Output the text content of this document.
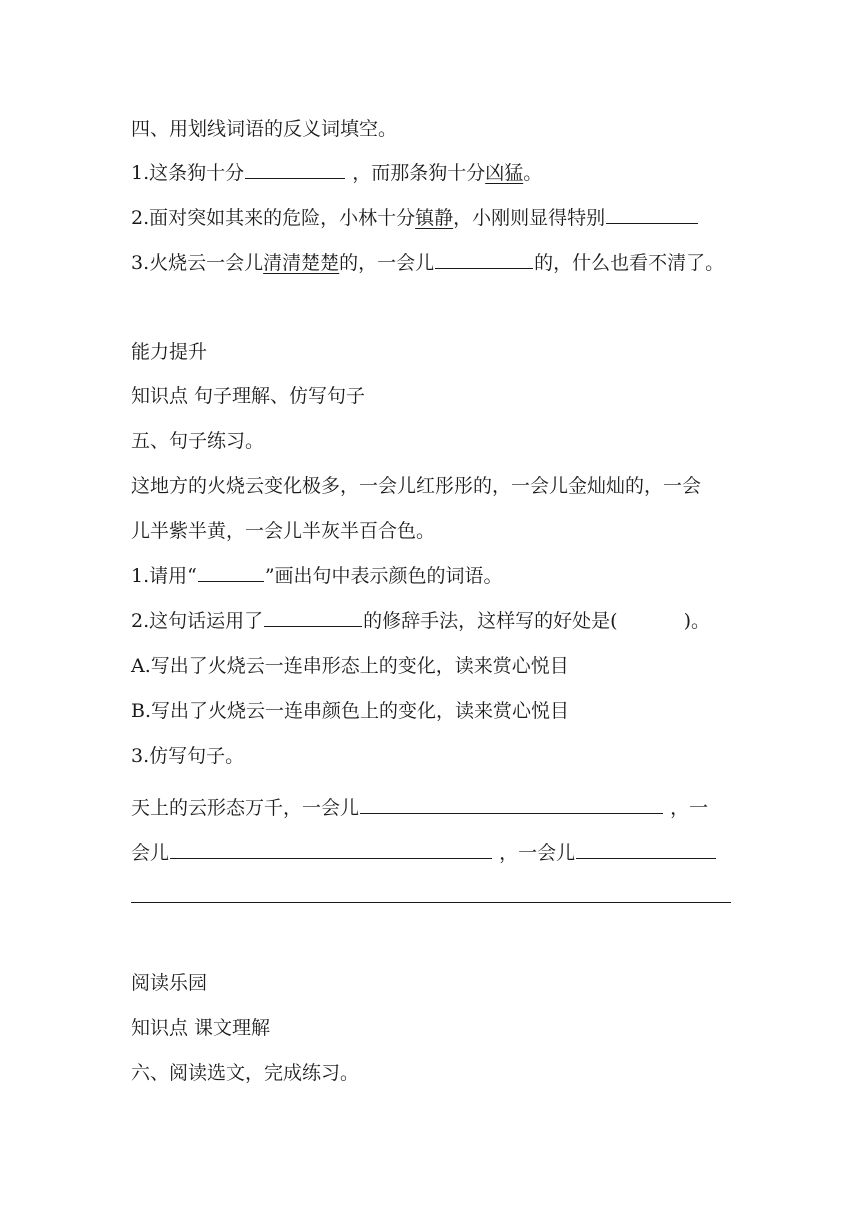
四、用划线词语的反义词填空。
1.这条狗十分	，而那条狗十分凶猛。
2.面对突如其来的危险，小林十分镇静，小刚则显得特别
3.火烧云一会儿清清楚楚的，一会儿	的，什么也看不清了。
能力提升
知识点 句子理解、仿写句子
五、句子练习。
这地方的火烧云变化极多，一会儿红彤彤的，一会儿金灿灿的，一会
儿半紫半黄，一会儿半灰半百合色。
1.请用“	”画出句中表示颜色的词语。
2.这句话运用了	的修辞手法，这样写的好处是(	)。
A.写出了火烧云一连串形态上的变化，读来赏心悦目
B.写出了火烧云一连串颜色上的变化，读来赏心悦目
3.仿写句子。
天上的云形态万千，一会儿	，一
会儿	，一会儿
阅读乐园
知识点 课文理解
六、阅读选文，完成练习。
